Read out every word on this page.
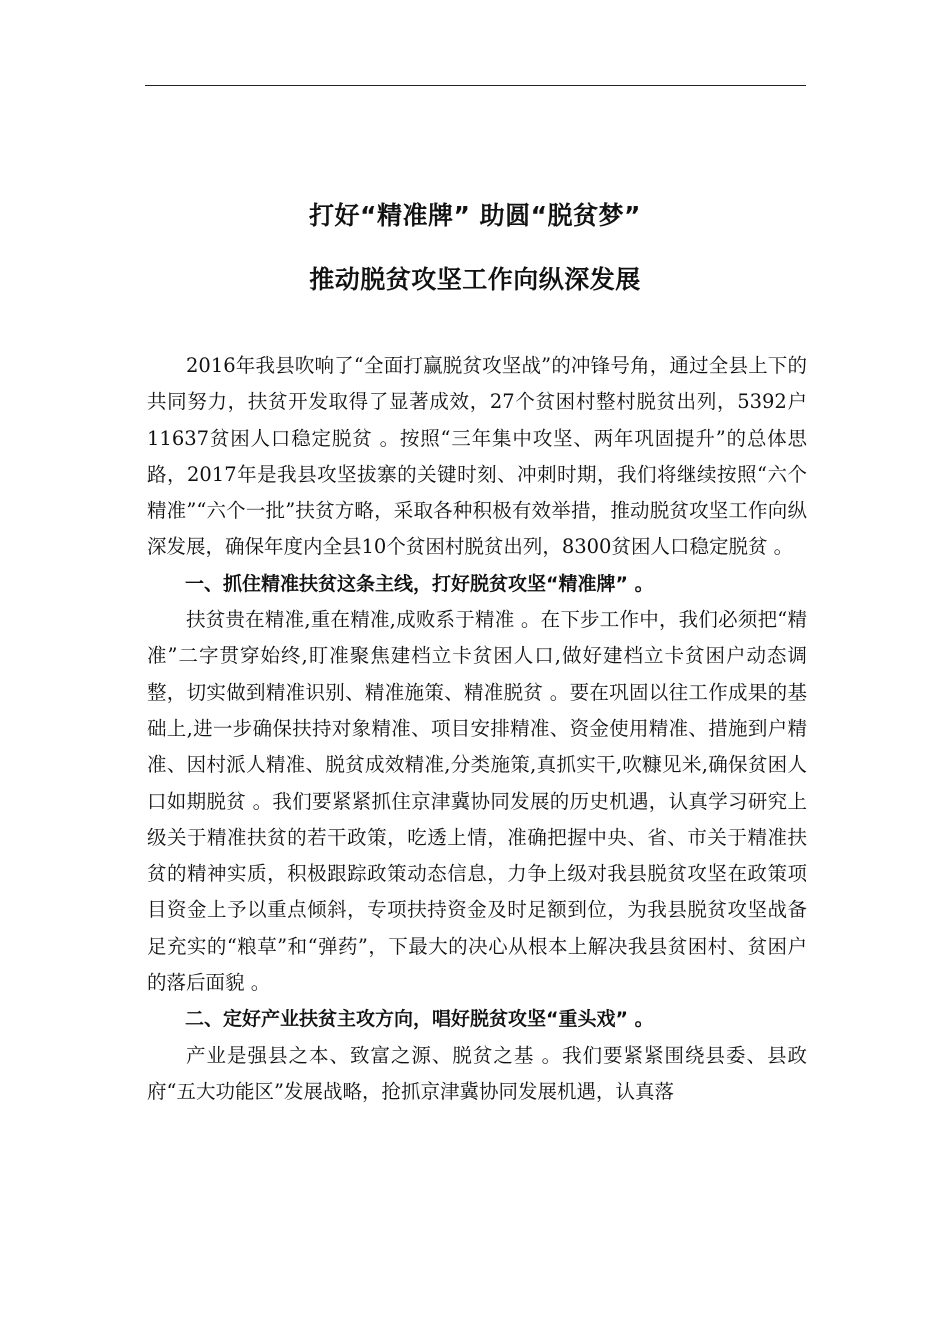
打好“精准牌” 助圆“脱贫梦”
推动脱贫攻坚工作向纵深发展

2016年我县吹响了“全面打赢脱贫攻坚战”的冲锋号角，通过全县上下的共同努力，扶贫开发取得了显著成效，27个贫困村整村脱贫出列，5392户11637贫困人口稳定脱贫 。按照“三年集中攻坚、两年巩固提升”的总体思路，2017年是我县攻坚拔寨的关键时刻、冲刺时期，我们将继续按照“六个精准”“六个一批”扶贫方略，采取各种积极有效举措，推动脱贫攻坚工作向纵深发展，确保年度内全县10个贫困村脱贫出列，8300贫困人口稳定脱贫 。

一、抓住精准扶贫这条主线，打好脱贫攻坚“精准牌” 。

扶贫贵在精准,重在精准,成败系于精准 。在下步工作中，我们必须把“精准”二字贯穿始终,盯准聚焦建档立卡贫困人口,做好建档立卡贫困户动态调整，切实做到精准识别、精准施策、精准脱贫 。要在巩固以往工作成果的基础上,进一步确保扶持对象精准、项目安排精准、资金使用精准、措施到户精准、因村派人精准、脱贫成效精准,分类施策,真抓实干,吹糠见米,确保贫困人口如期脱贫 。我们要紧紧抓住京津冀协同发展的历史机遇，认真学习研究上级关于精准扶贫的若干政策，吃透上情，准确把握中央、省、市关于精准扶贫的精神实质，积极跟踪政策动态信息，力争上级对我县脱贫攻坚在政策项目资金上予以重点倾斜，专项扶持资金及时足额到位，为我县脱贫攻坚战备足充实的“粮草”和“弹药”，下最大的决心从根本上解决我县贫困村、贫困户的落后面貌 。

二、定好产业扶贫主攻方向，唱好脱贫攻坚“重头戏” 。

产业是强县之本、致富之源、脱贫之基 。我们要紧紧围绕县委、县政府“五大功能区”发展战略，抢抓京津冀协同发展机遇，认真落
